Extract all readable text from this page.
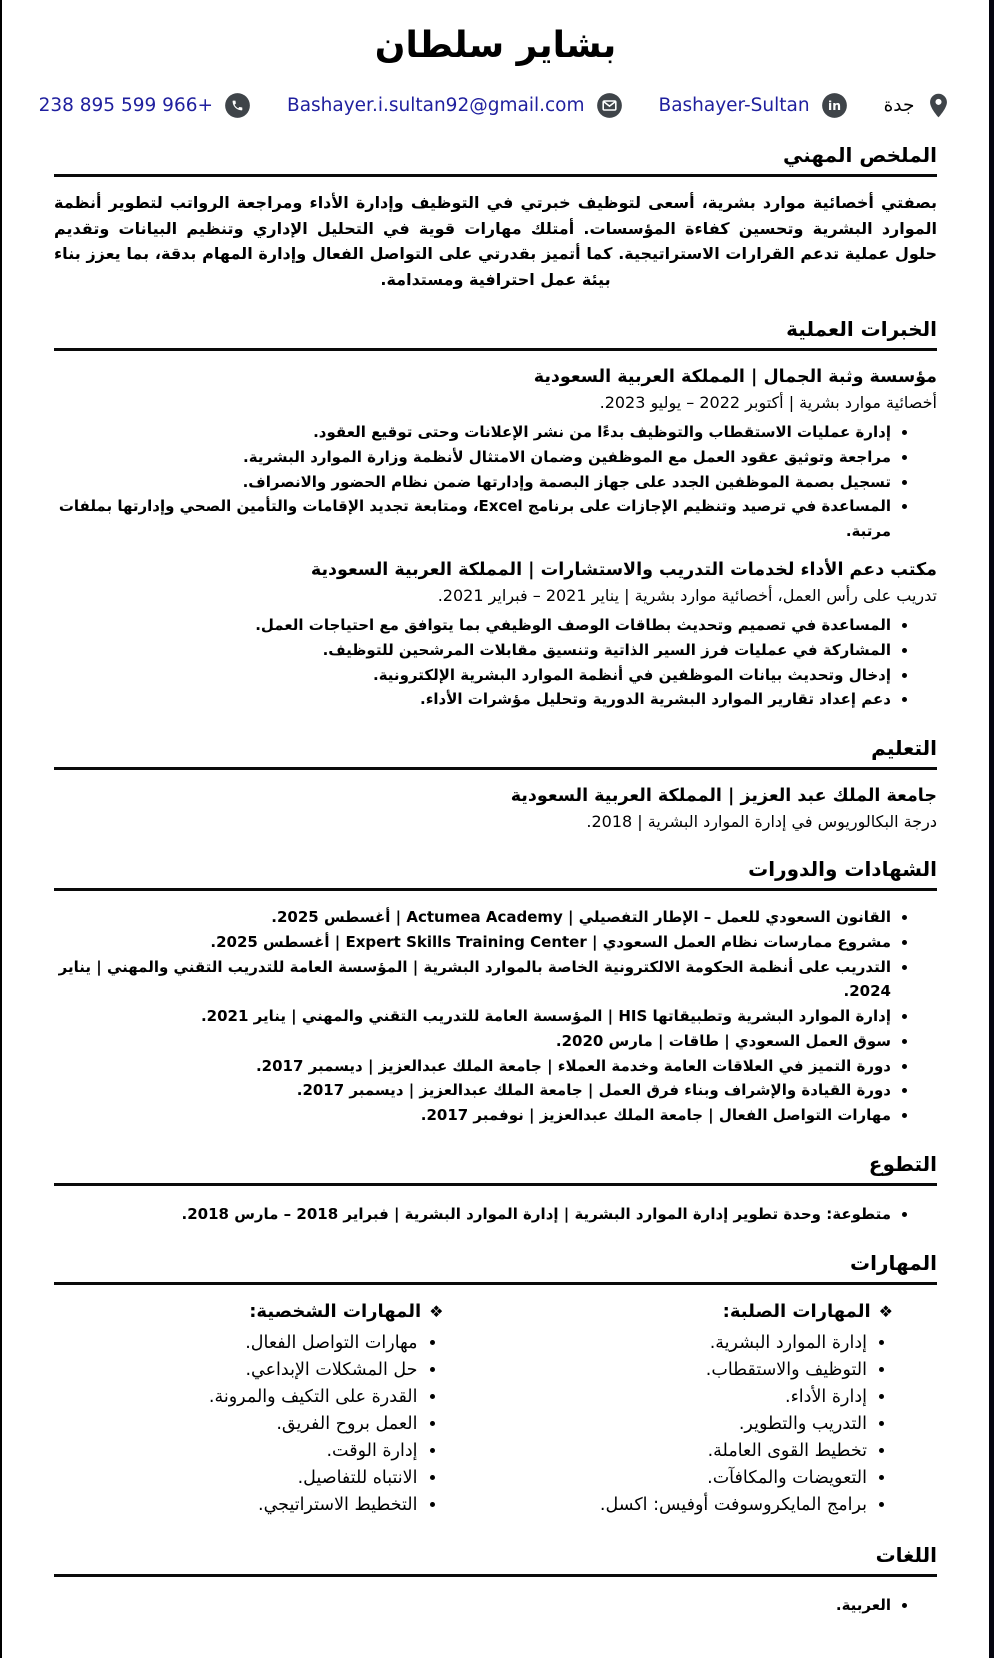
بشاير سلطان
جدة
in
Bashayer-Sultan
Bashayer.i.sultan92@gmail.com
+966 599 895 238
الملخص المهني

بصفتي أخصائية موارد بشرية، أسعى لتوظيف خبرتي في التوظيف وإدارة الأداء ومراجعة الرواتب لتطوير أنظمة الموارد البشرية وتحسين كفاءة المؤسسات. أمتلك مهارات قوية في التحليل الإداري وتنظيم البيانات وتقديم حلول عملية تدعم القرارات الاستراتيجية. كما أتميز بقدرتي على التواصل الفعال وإدارة المهام بدقة، بما يعزز بناء بيئة عمل احترافية ومستدامة.

الخبرات العملية
مؤسسة وثبة الجمال | المملكة العربية السعودية
أخصائية موارد بشرية | أكتوبر 2022 – يوليو 2023.
• إدارة عمليات الاستقطاب والتوظيف بدءًا من نشر الإعلانات وحتى توقيع العقود.
• مراجعة وتوثيق عقود العمل مع الموظفين وضمان الامتثال لأنظمة وزارة الموارد البشرية.
• تسجيل بصمة الموظفين الجدد على جهاز البصمة وإدارتها ضمن نظام الحضور والانصراف.
• المساعدة في ترصيد وتنظيم الإجازات على برنامج Excel، ومتابعة تجديد الإقامات والتأمين الصحي وإدارتها بملفات مرتبة.
مكتب دعم الأداء لخدمات التدريب والاستشارات | المملكة العربية السعودية
تدريب على رأس العمل، أخصائية موارد بشرية | يناير 2021 – فبراير 2021.
• المساعدة في تصميم وتحديث بطاقات الوصف الوظيفي بما يتوافق مع احتياجات العمل.
• المشاركة في عمليات فرز السير الذاتية وتنسيق مقابلات المرشحين للتوظيف.
• إدخال وتحديث بيانات الموظفين في أنظمة الموارد البشرية الإلكترونية.
• دعم إعداد تقارير الموارد البشرية الدورية وتحليل مؤشرات الأداء.
التعليم
جامعة الملك عبد العزيز | المملكة العربية السعودية
درجة البكالوريوس في إدارة الموارد البشرية | 2018.
الشهادات والدورات
• القانون السعودي للعمل – الإطار التفصيلي | Actumea Academy | أغسطس 2025.
• مشروع ممارسات نظام العمل السعودي | Expert Skills Training Center | أغسطس 2025.
• التدريب على أنظمة الحكومة الالكترونية الخاصة بالموارد البشرية | المؤسسة العامة للتدريب التقني والمهني | يناير 2024.
• إدارة الموارد البشرية وتطبيقاتها HIS | المؤسسة العامة للتدريب التقني والمهني | يناير 2021.
• سوق العمل السعودي | طاقات | مارس 2020.
• دورة التميز في العلاقات العامة وخدمة العملاء | جامعة الملك عبدالعزيز | ديسمبر 2017.
• دورة القيادة والإشراف وبناء فرق العمل | جامعة الملك عبدالعزيز | ديسمبر 2017.
• مهارات التواصل الفعال | جامعة الملك عبدالعزيز | نوفمبر 2017.
التطوع
• متطوعة: وحدة تطوير إدارة الموارد البشرية | إدارة الموارد البشرية | فبراير 2018 – مارس 2018.
المهارات
❖
المهارات الصلبة:
• إدارة الموارد البشرية.
• التوظيف والاستقطاب.
• إدارة الأداء.
• التدريب والتطوير.
• تخطيط القوى العاملة.
• التعويضات والمكافآت.
• برامج المايكروسوفت أوفيس: اكسل.
❖
المهارات الشخصية:
• مهارات التواصل الفعال.
• حل المشكلات الإبداعي.
• القدرة على التكيف والمرونة.
• العمل بروح الفريق.
• إدارة الوقت.
• الانتباه للتفاصيل.
• التخطيط الاستراتيجي.
اللغات
• العربية.
